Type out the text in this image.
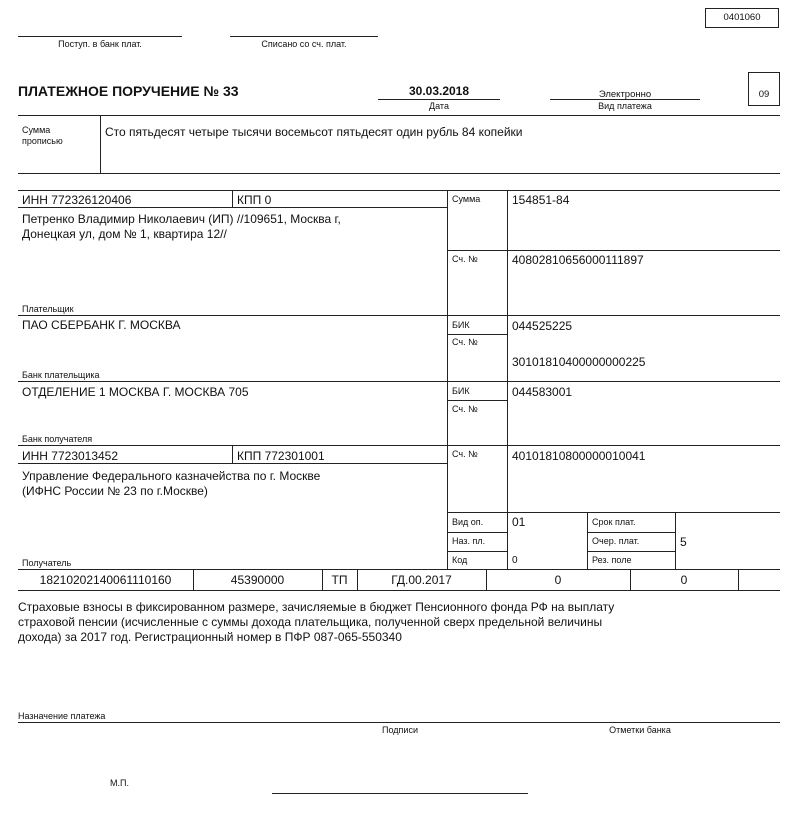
0401060
Поступ. в банк плат.	Списано со сч. плат.
ПЛАТЕЖНОЕ ПОРУЧЕНИЕ № 33	30.03.2018
Дата
Электронно
Вид платежа
09
Сумма
прописью
Сто пятьдесят четыре тысячи восемьсот пятьдесят один рубль 84 копейки
ИНН 772326120406	КПП 0
Петренко Владимир Николаевич (ИП) //109651, Москва г,
Донецкая ул, дом № 1, квартира 12//
Плательщик
Сумма	154851-84
Сч. №	40802810656000111897
ПАО СБЕРБАНК Г. МОСКВА
Банк плательщика
БИК	044525225
Сч. №
30101810400000000225
ОТДЕЛЕНИЕ 1 МОСКВА Г. МОСКВА 705
Банк получателя
БИК	044583001
Сч. №
ИНН 7723013452	КПП 772301001	Сч. №	40101810800000010041
Управление Федерального казначейства по г. Москве
(ИФНС России № 23 по г.Москве)
Получатель
Вид оп. 01
Наз. пл.
Код	0
Срок плат.
Очер. плат.	5
Рез. поле
18210202140061110160	45390000	ТП	ГД.00.2017	0	0
Страховые взносы в фиксированном размере, зачисляемые в бюджет Пенсионного фонда РФ на выплату
страховой пенсии (исчисленные с суммы дохода плательщика, полученной сверх предельной величины
дохода) за 2017 год. Регистрационный номер в ПФР 087-065-550340
Назначение платежа
Подписи	Отметки банка
М.П.
